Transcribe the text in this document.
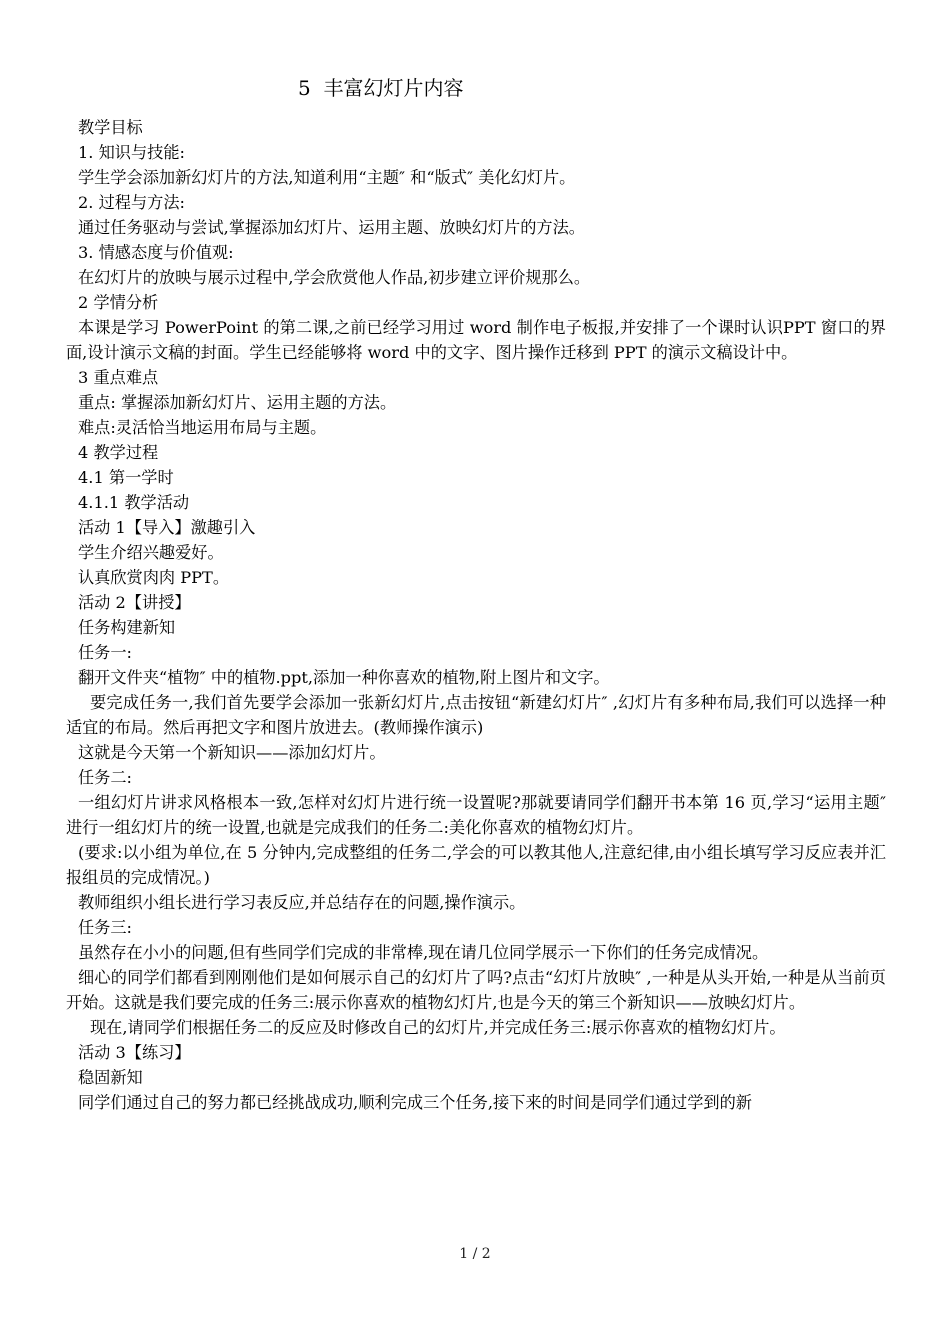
5  丰富幻灯片内容

教学目标

1. 知识与技能:

学生学会添加新幻灯片的方法,知道利用“主题″ 和“版式″ 美化幻灯片。

2. 过程与方法:

通过任务驱动与尝试,掌握添加幻灯片、运用主题、放映幻灯片的方法。

3. 情感态度与价值观:

在幻灯片的放映与展示过程中,学会欣赏他人作品,初步建立评价规那么。

2 学情分析

本课是学习 PowerPoint 的第二课,之前已经学习用过 word 制作电子板报,并安排了一个课时认识PPT 窗口的界面,设计演示文稿的封面。学生已经能够将 word 中的文字、图片操作迁移到 PPT 的演示文稿设计中。

3 重点难点

重点: 掌握添加新幻灯片、运用主题的方法。

难点:灵活恰当地运用布局与主题。

4 教学过程

4.1 第一学时

4.1.1 教学活动

活动 1【导入】激趣引入

学生介绍兴趣爱好。

认真欣赏肉肉 PPT。

活动 2【讲授】

任务构建新知

任务一:

翻开文件夹“植物″ 中的植物.ppt,添加一种你喜欢的植物,附上图片和文字。

要完成任务一,我们首先要学会添加一张新幻灯片,点击按钮“新建幻灯片″ ,幻灯片有多种布局,我们可以选择一种适宜的布局。然后再把文字和图片放进去。(教师操作演示)

这就是今天第一个新知识——添加幻灯片。

任务二:

一组幻灯片讲求风格根本一致,怎样对幻灯片进行统一设置呢?那就要请同学们翻开书本第 16 页,学习“运用主题″ 进行一组幻灯片的统一设置,也就是完成我们的任务二:美化你喜欢的植物幻灯片。

(要求:以小组为单位,在 5 分钟内,完成整组的任务二,学会的可以教其他人,注意纪律,由小组长填写学习反应表并汇报组员的完成情况。)

教师组织小组长进行学习表反应,并总结存在的问题,操作演示。

任务三:

虽然存在小小的问题,但有些同学们完成的非常棒,现在请几位同学展示一下你们的任务完成情况。

细心的同学们都看到刚刚他们是如何展示自己的幻灯片了吗?点击“幻灯片放映″ ,一种是从头开始,一种是从当前页开始。这就是我们要完成的任务三:展示你喜欢的植物幻灯片,也是今天的第三个新知识——放映幻灯片。

现在,请同学们根据任务二的反应及时修改自己的幻灯片,并完成任务三:展示你喜欢的植物幻灯片。

活动 3【练习】

稳固新知

同学们通过自己的努力都已经挑战成功,顺利完成三个任务,接下来的时间是同学们通过学到的新

1 / 2
